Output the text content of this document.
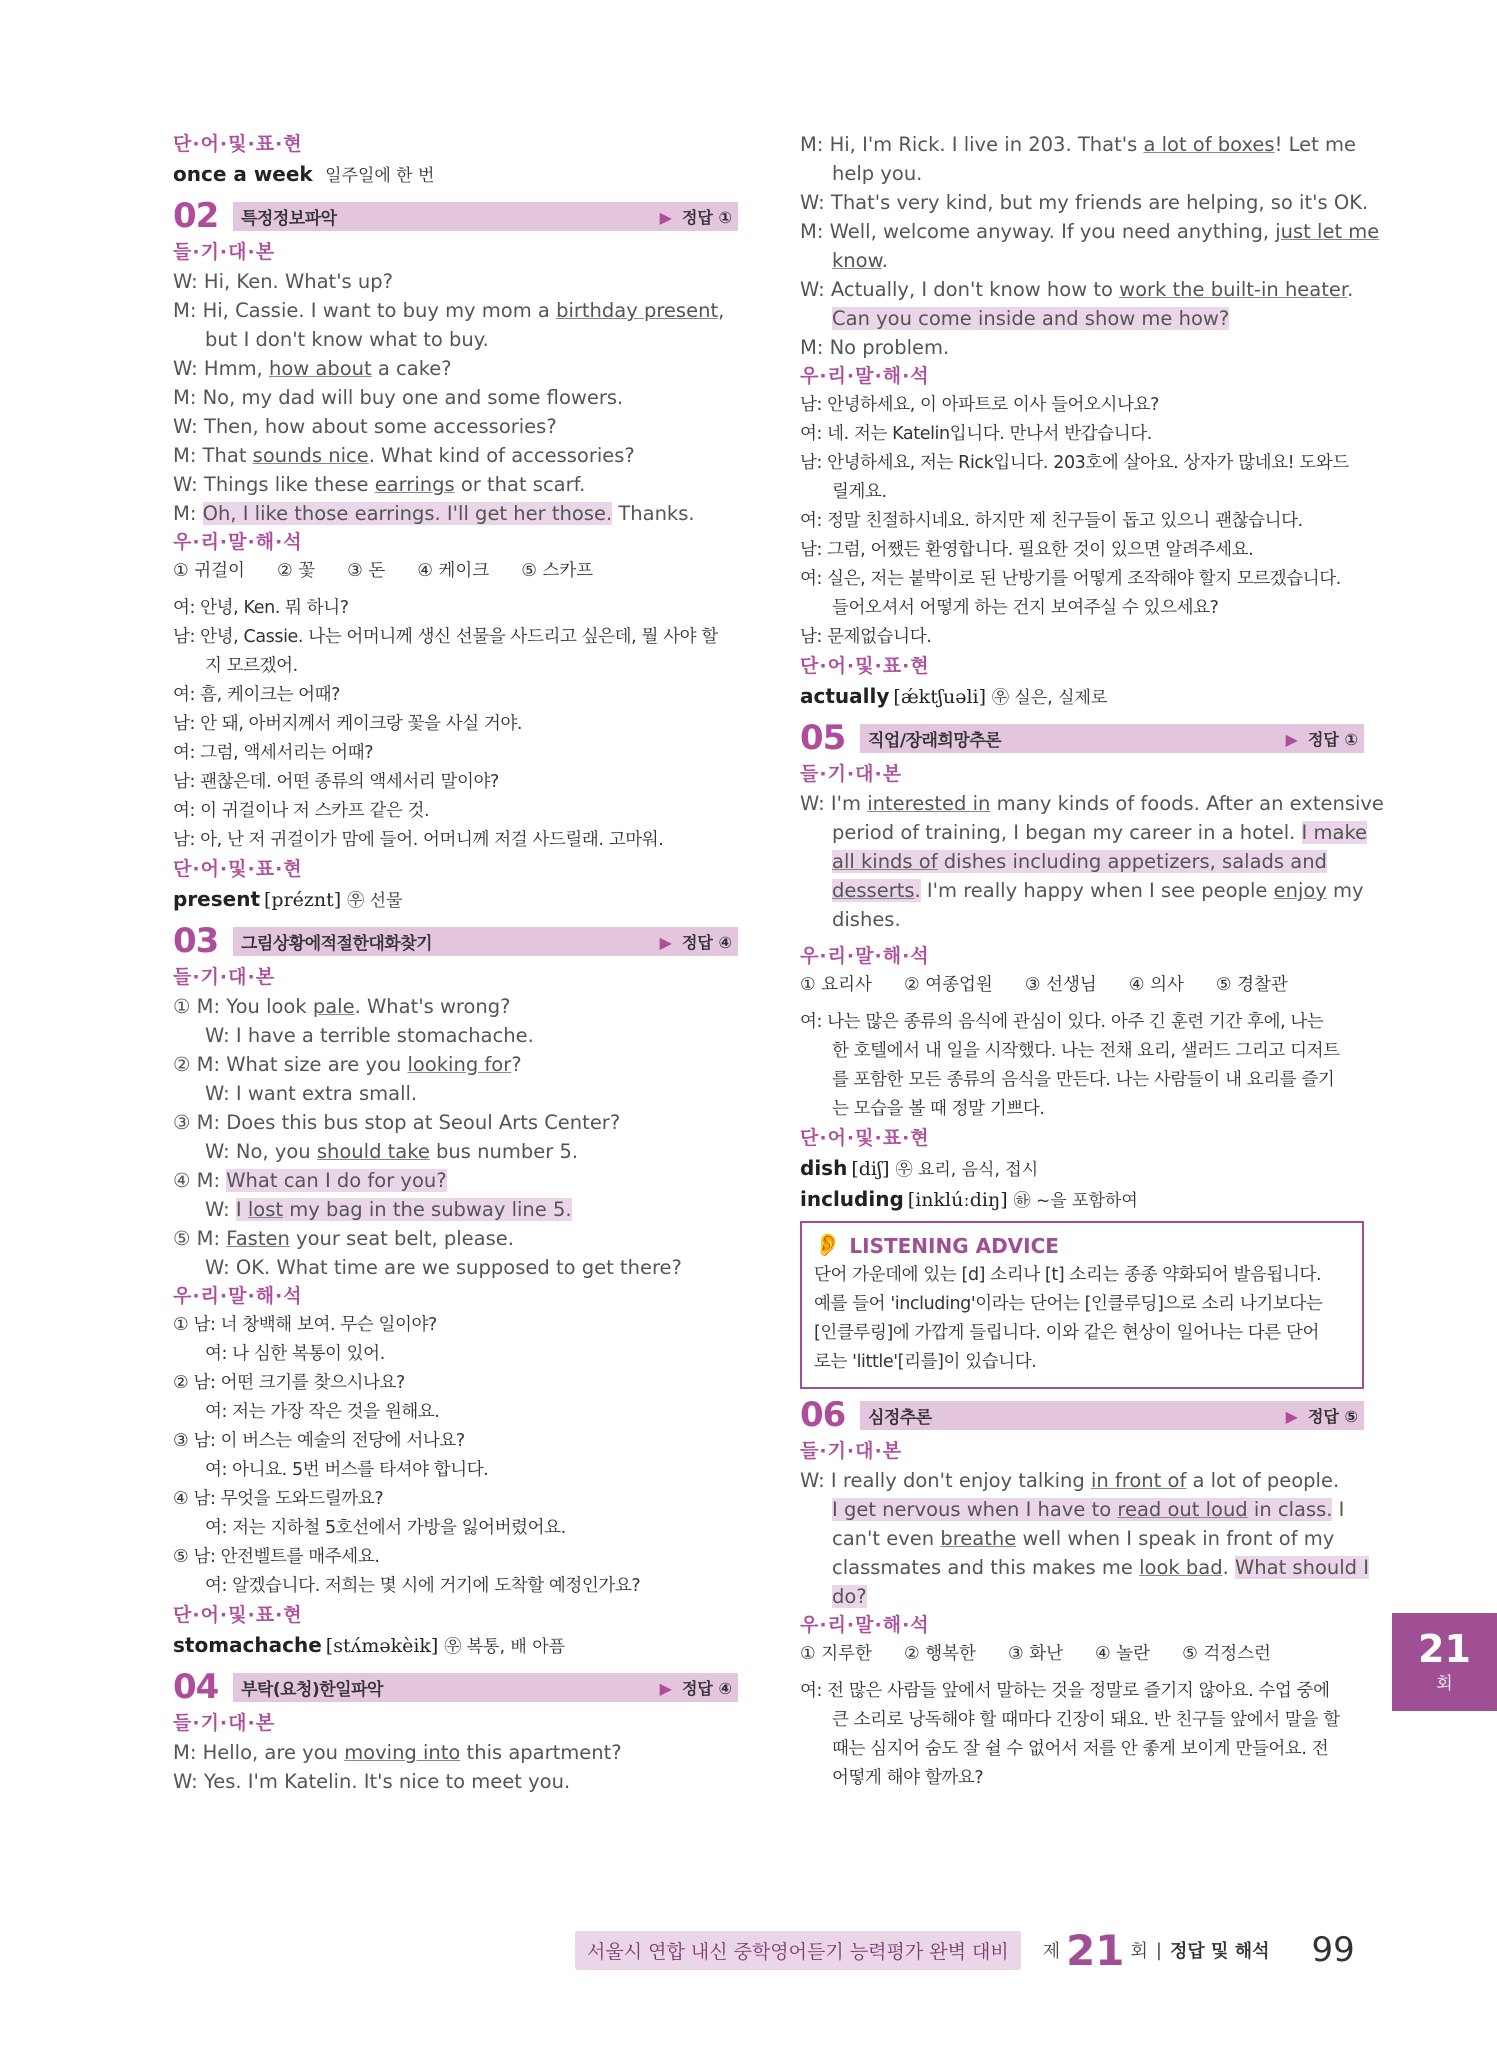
단·어·및·표·현
once a week 일주일에 한 번
02	특정정보파악	▶ 정답 ①
들·기·대·본
W: Hi, Ken. What's up?
M: Hi, Cassie. I want to buy my mom a birthday present,
but I don't know what to buy.
W: Hmm, how about a cake?
M: No, my dad will buy one and some flowers.
W: Then, how about some accessories?
M: That sounds nice. What kind of accessories?
W: Things like these earrings or that scarf.
M: Oh, I like those earrings. I'll get her those. Thanks.
우·리·말·해·석
① 귀걸이 ② 꽃 ③ 돈 ④ 케이크 ⑤ 스카프
여: 안녕, Ken. 뭐 하니?
남: 안녕, Cassie. 나는 어머니께 생신 선물을 사드리고 싶은데, 뭘 사야 할
지 모르겠어.
여: 흠, 케이크는 어때?
남: 안 돼, 아버지께서 케이크랑 꽃을 사실 거야.
여: 그럼, 액세서리는 어때?
남: 괜찮은데. 어떤 종류의 액세서리 말이야?
여: 이 귀걸이나 저 스카프 같은 것.
남: 아, 난 저 귀걸이가 맘에 들어. 어머니께 저걸 사드릴래. 고마워.
단·어·및·표·현
present [préznt] ㉾ 선물
03	그림상황에적절한대화찾기	▶ 정답 ④
들·기·대·본
① M: You look pale. What's wrong?
W: I have a terrible stomachache.
② M: What size are you looking for?
W: I want extra small.
③ M: Does this bus stop at Seoul Arts Center?
W: No, you should take bus number 5.
④ M: What can I do for you?
W: I lost my bag in the subway line 5.
⑤ M: Fasten your seat belt, please.
W: OK. What time are we supposed to get there?
우·리·말·해·석
① 남: 너 창백해 보여. 무슨 일이야?
여: 나 심한 복통이 있어.
② 남: 어떤 크기를 찾으시나요?
여: 저는 가장 작은 것을 원해요.
③ 남: 이 버스는 예술의 전당에 서나요?
여: 아니요. 5번 버스를 타셔야 합니다.
④ 남: 무엇을 도와드릴까요?
여: 저는 지하철 5호선에서 가방을 잃어버렸어요.
⑤ 남: 안전벨트를 매주세요.
여: 알겠습니다. 저희는 몇 시에 거기에 도착할 예정인가요?
단·어·및·표·현
stomachache [stʌ́məkèik] ㉾ 복통, 배 아픔
04	부탁(요청)한일파악	▶ 정답 ④
들·기·대·본
M: Hello, are you moving into this apartment?
W: Yes. I'm Katelin. It's nice to meet you.
M: Hi, I'm Rick. I live in 203. That's a lot of boxes! Let me
help you.
W: That's very kind, but my friends are helping, so it's OK.
M: Well, welcome anyway. If you need anything, just let me
know.
W: Actually, I don't know how to work the built-in heater.
Can you come inside and show me how?
M: No problem.
우·리·말·해·석
남: 안녕하세요, 이 아파트로 이사 들어오시나요?
여: 네. 저는 Katelin입니다. 만나서 반갑습니다.
남: 안녕하세요, 저는 Rick입니다. 203호에 살아요. 상자가 많네요! 도와드
릴게요.
여: 정말 친절하시네요. 하지만 제 친구들이 돕고 있으니 괜찮습니다.
남: 그럼, 어쨌든 환영합니다. 필요한 것이 있으면 알려주세요.
여: 실은, 저는 붙박이로 된 난방기를 어떻게 조작해야 할지 모르겠습니다.
들어오셔서 어떻게 하는 건지 보여주실 수 있으세요?
남: 문제없습니다.
단·어·및·표·현
actually [ǽktʃuəli] ㉾ 실은, 실제로
05	직업/장래희망추론	▶ 정답 ①
들·기·대·본
W: I'm interested in many kinds of foods. After an extensive
period of training, I began my career in a hotel. I make
all kinds of dishes including appetizers, salads and
desserts. I'm really happy when I see people enjoy my
dishes.
우·리·말·해·석
① 요리사 ② 여종업원 ③ 선생님 ④ 의사 ⑤ 경찰관
여: 나는 많은 종류의 음식에 관심이 있다. 아주 긴 훈련 기간 후에, 나는
한 호텔에서 내 일을 시작했다. 나는 전채 요리, 샐러드 그리고 디저트
를 포함한 모든 종류의 음식을 만든다. 나는 사람들이 내 요리를 즐기
는 모습을 볼 때 정말 기쁘다.
단·어·및·표·현
dish [diʃ] ㉾ 요리, 음식, 접시
including [inklúːdiŋ] ㉻ ~을 포함하여
👂 LISTENING ADVICE
단어 가운데에 있는 [d] 소리나 [t] 소리는 종종 약화되어 발음됩니다.
예를 들어 'including'이라는 단어는 [인클루딩]으로 소리 나기보다는
[인클루링]에 가깝게 들립니다. 이와 같은 현상이 일어나는 다른 단어
로는 'little'[리를]이 있습니다.
06	심정추론	▶ 정답 ⑤
들·기·대·본
W: I really don't enjoy talking in front of a lot of people.
I get nervous when I have to read out loud in class. I
can't even breathe well when I speak in front of my
classmates and this makes me look bad. What should I
do?
우·리·말·해·석
① 지루한 ② 행복한 ③ 화난 ④ 놀란 ⑤ 걱정스런
여: 전 많은 사람들 앞에서 말하는 것을 정말로 즐기지 않아요. 수업 중에
큰 소리로 낭독해야 할 때마다 긴장이 돼요. 반 친구들 앞에서 말을 할
때는 심지어 숨도 잘 쉴 수 없어서 저를 안 좋게 보이게 만들어요. 전
어떻게 해야 할까요?
21
회
서울시 연합 내신 중학영어듣기 능력평가 완벽 대비	제 21 회 | 정답 및 해석 99
